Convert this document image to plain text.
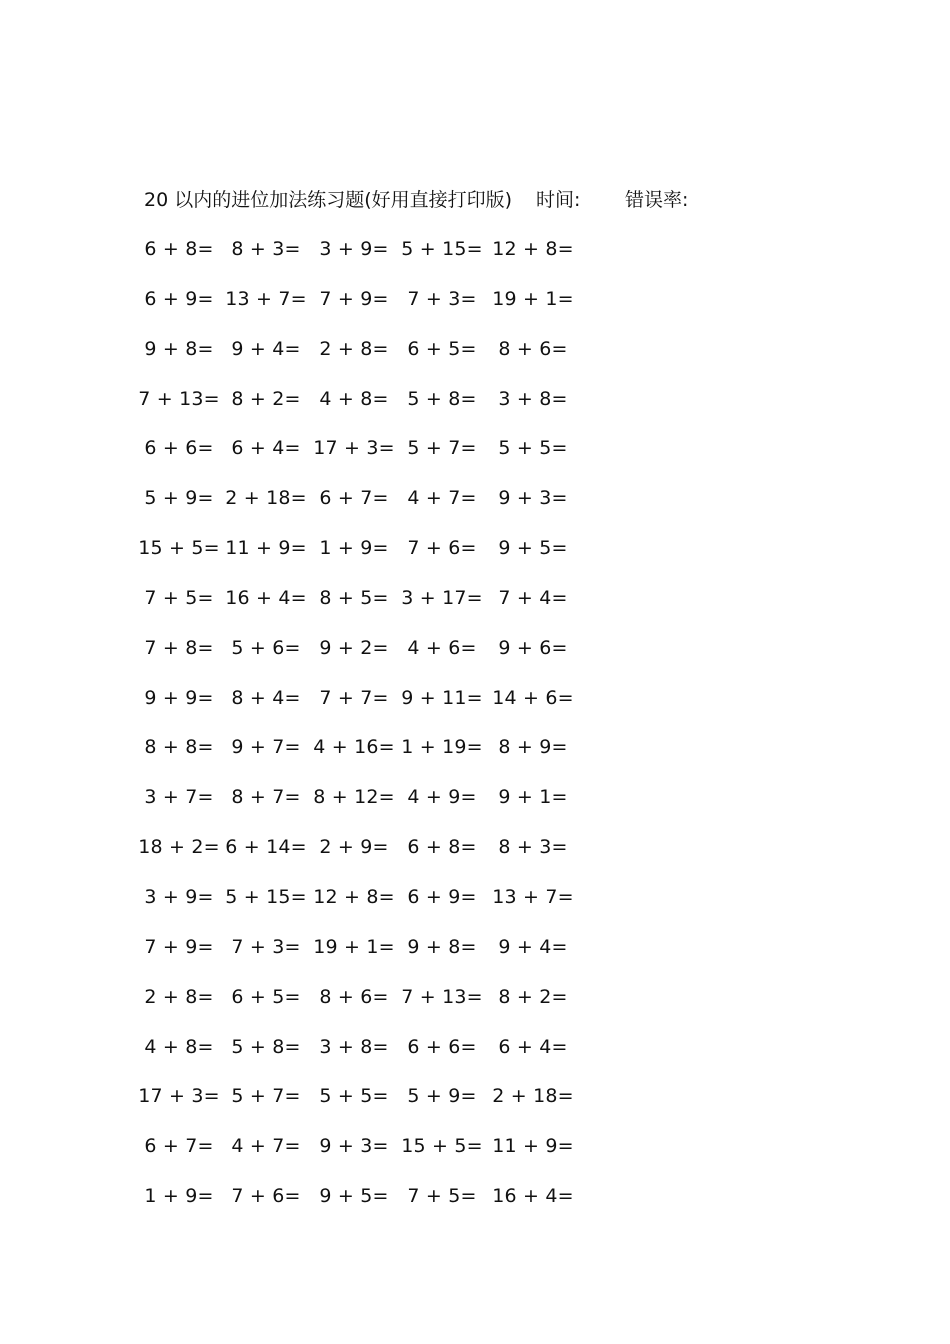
20 以内的进位加法练习题(好用直接打印版) 时间: 错误率:
6 + 8= 8 + 3= 3 + 9= 5 + 15= 12 + 8=
6 + 9= 13 + 7= 7 + 9= 7 + 3= 19 + 1=
9 + 8= 9 + 4= 2 + 8= 6 + 5=	8 + 6=
7 + 13= 8 + 2= 4 + 8= 5 + 8=	3 + 8=
6 + 6= 6 + 4= 17 + 3= 5 + 7=	5 + 5=
5 + 9= 2 + 18= 6 + 7= 4 + 7=	9 + 3=
15 + 5= 11 + 9= 1 + 9= 7 + 6=	9 + 5=
7 + 5= 16 + 4= 8 + 5= 3 + 17= 7 + 4=
7 + 8= 5 + 6= 9 + 2= 4 + 6=	9 + 6=
9 + 9= 8 + 4= 7 + 7= 9 + 11= 14 + 6=
8 + 8= 9 + 7= 4 + 16= 1 + 19= 8 + 9=
3 + 7= 8 + 7= 8 + 12= 4 + 9=	9 + 1=
18 + 2= 6 + 14= 2 + 9= 6 + 8=	8 + 3=
3 + 9= 5 + 15= 12 + 8= 6 + 9= 13 + 7=
7 + 9= 7 + 3= 19 + 1= 9 + 8=	9 + 4=
2 + 8= 6 + 5= 8 + 6= 7 + 13= 8 + 2=
4 + 8= 5 + 8= 3 + 8= 6 + 6=	6 + 4=
17 + 3= 5 + 7= 5 + 5= 5 + 9= 2 + 18=
6 + 7= 4 + 7= 9 + 3= 15 + 5= 11 + 9=
1 + 9= 7 + 6= 9 + 5= 7 + 5= 16 + 4=
